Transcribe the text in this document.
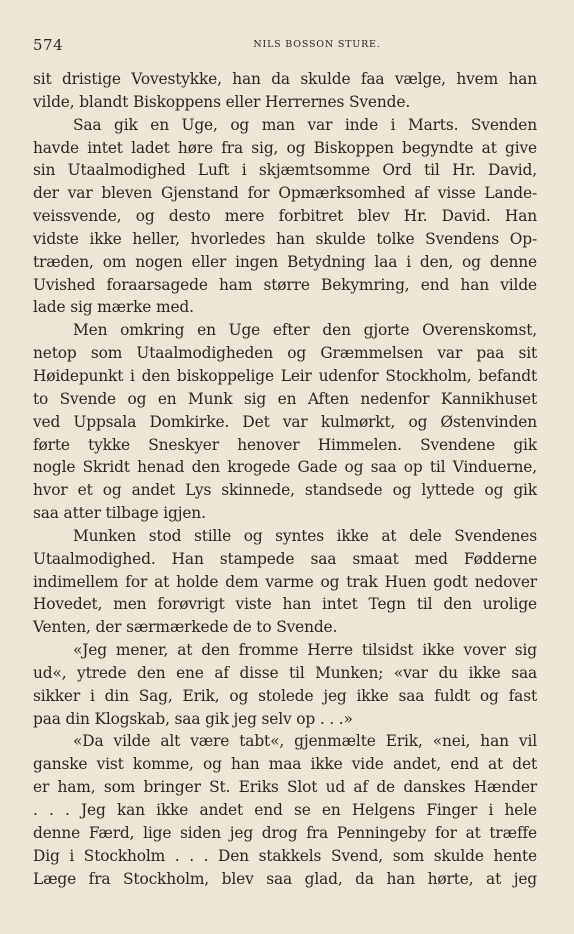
574	NILS BOSSON STURE.
sit dristige Vovestykke, han da skulde faa vælge, hvem han
vilde, blandt Biskoppens eller Herrernes Svende.
Saa gik en Uge, og man var inde i Marts. Svenden
havde intet ladet høre fra sig, og Biskoppen begyndte at give
sin Utaalmodighed Luft i skjæmtsomme Ord til Hr. David,
der var bleven Gjenstand for Opmærksomhed af visse Lande-
veissvende, og desto mere forbitret blev Hr. David. Han
vidste ikke heller, hvorledes han skulde tolke Svendens Op-
træden, om nogen eller ingen Betydning laa i den, og denne
Uvished foraarsagede ham større Bekymring, end han vilde
lade sig mærke med.
Men omkring en Uge efter den gjorte Overenskomst,
netop som Utaalmodigheden og Græmmelsen var paa sit
Høidepunkt i den biskoppelige Leir udenfor Stockholm, befandt
to Svende og en Munk sig en Aften nedenfor Kannikhuset
ved Uppsala Domkirke. Det var kulmørkt, og Østenvinden
førte tykke Sneskyer henover Himmelen. Svendene gik
nogle Skridt henad den krogede Gade og saa op til Vinduerne,
hvor et og andet Lys skinnede, standsede og lyttede og gik
saa atter tilbage igjen.
Munken stod stille og syntes ikke at dele Svendenes
Utaalmodighed. Han stampede saa smaat med Fødderne
indimellem for at holde dem varme og trak Huen godt nedover
Hovedet, men forøvrigt viste han intet Tegn til den urolige
Venten, der særmærkede de to Svende.
«Jeg mener, at den fromme Herre tilsidst ikke vover sig
ud«, ytrede den ene af disse til Munken; «var du ikke saa
sikker i din Sag, Erik, og stolede jeg ikke saa fuldt og fast
paa din Klogskab, saa gik jeg selv op . . .»
«Da vilde alt være tabt«, gjenmælte Erik, «nei, han vil
ganske vist komme, og han maa ikke vide andet, end at det
er ham, som bringer St. Eriks Slot ud af de danskes Hænder
. . . Jeg kan ikke andet end se en Helgens Finger i hele
denne Færd, lige siden jeg drog fra Penningeby for at træffe
Dig i Stockholm . . . Den stakkels Svend, som skulde hente
Læge fra Stockholm, blev saa glad, da han hørte, at jeg
